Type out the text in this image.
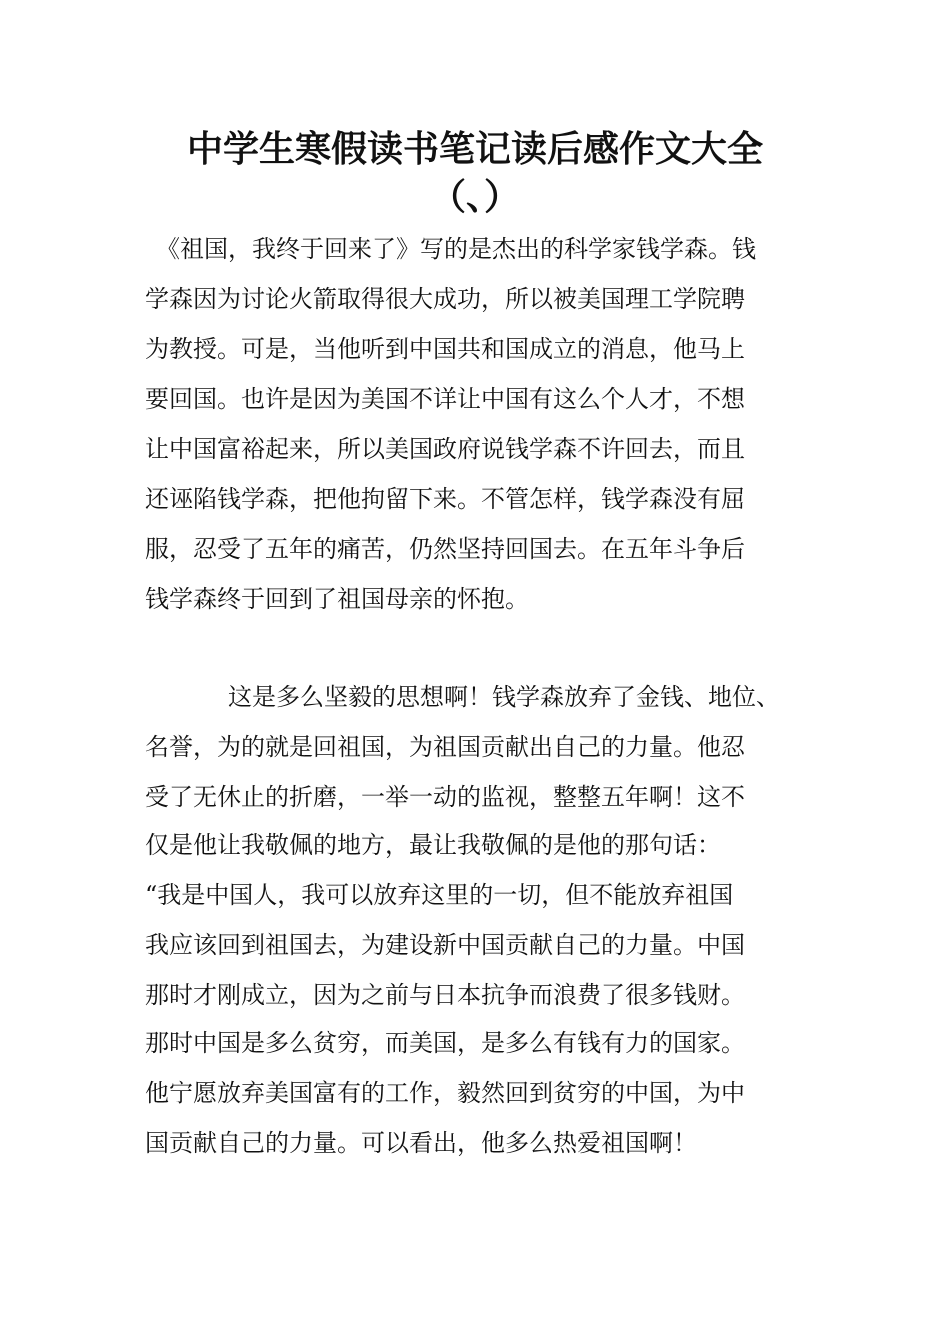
中学生寒假读书笔记读后感作文大全
（、）

《祖国，我终于回来了》写的是杰出的科学家钱学森。钱

学森因为讨论火箭取得很大成功，所以被美国理工学院聘

为教授。可是，当他听到中国共和国成立的消息，他马上

要回国。也许是因为美国不详让中国有这么个人才，不想

让中国富裕起来，所以美国政府说钱学森不许回去，而且

还诬陷钱学森，把他拘留下来。不管怎样，钱学森没有屈

服，忍受了五年的痛苦，仍然坚持回国去。在五年斗争后

钱学森终于回到了祖国母亲的怀抱。

这是多么坚毅的思想啊！钱学森放弃了金钱、地位、

名誉，为的就是回祖国，为祖国贡献出自己的力量。他忍

受了无休止的折磨，一举一动的监视，整整五年啊！这不

仅是他让我敬佩的地方，最让我敬佩的是他的那句话：

“我是中国人，我可以放弃这里的一切，但不能放弃祖国

我应该回到祖国去，为建设新中国贡献自己的力量。中国

那时才刚成立，因为之前与日本抗争而浪费了很多钱财。

那时中国是多么贫穷，而美国，是多么有钱有力的国家。

他宁愿放弃美国富有的工作，毅然回到贫穷的中国，为中

国贡献自己的力量。可以看出，他多么热爱祖国啊！
